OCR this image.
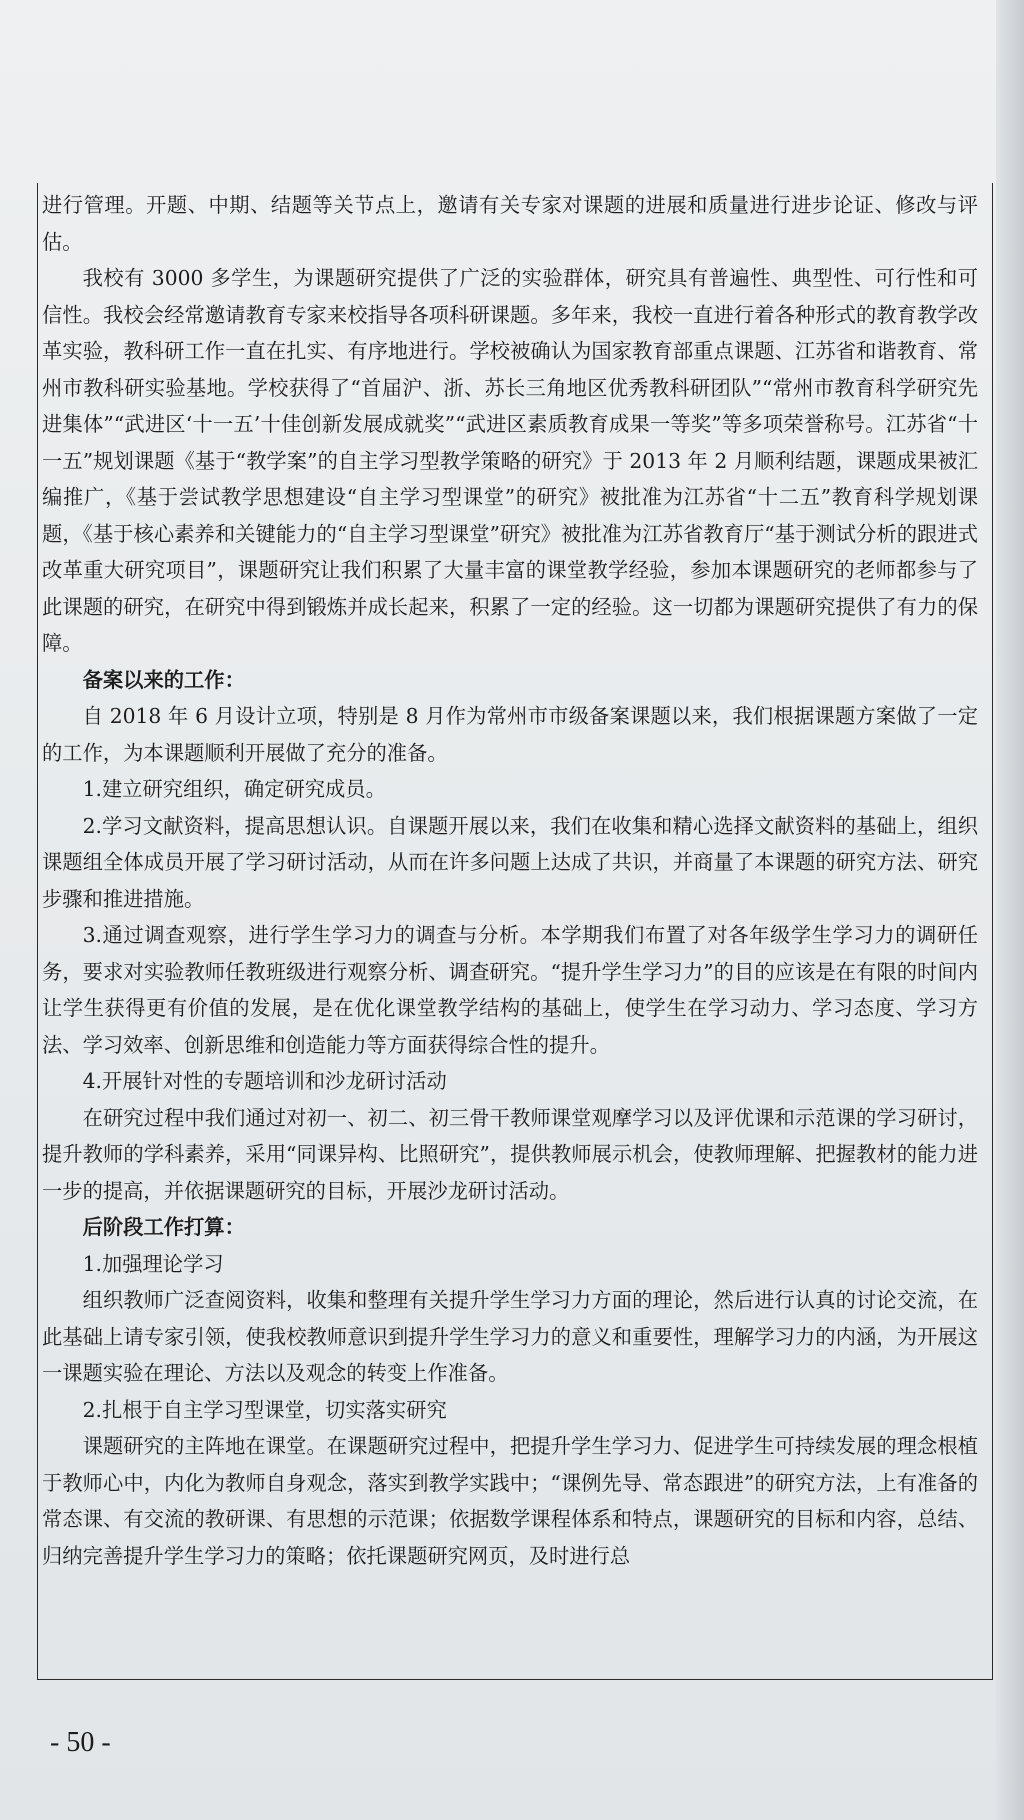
进行管理。开题、中期、结题等关节点上，邀请有关专家对课题的进展和质量进行进步论证、修改与评估。

我校有 3000 多学生，为课题研究提供了广泛的实验群体，研究具有普遍性、典型性、可行性和可信性。我校会经常邀请教育专家来校指导各项科研课题。多年来，我校一直进行着各种形式的教育教学改革实验，教科研工作一直在扎实、有序地进行。学校被确认为国家教育部重点课题、江苏省和谐教育、常州市教科研实验基地。学校获得了“首届沪、浙、苏长三角地区优秀教科研团队”“常州市教育科学研究先进集体”“武进区‘十一五’十佳创新发展成就奖”“武进区素质教育成果一等奖”等多项荣誉称号。江苏省“十一五”规划课题《基于“教学案”的自主学习型教学策略的研究》于 2013 年 2 月顺利结题，课题成果被汇编推广，《基于尝试教学思想建设“自主学习型课堂”的研究》被批准为江苏省“十二五”教育科学规划课题，《基于核心素养和关键能力的“自主学习型课堂”研究》被批准为江苏省教育厅“基于测试分析的跟进式改革重大研究项目”，课题研究让我们积累了大量丰富的课堂教学经验，参加本课题研究的老师都参与了此课题的研究，在研究中得到锻炼并成长起来，积累了一定的经验。这一切都为课题研究提供了有力的保障。

备案以来的工作：

自 2018 年 6 月设计立项，特别是 8 月作为常州市市级备案课题以来，我们根据课题方案做了一定的工作，为本课题顺利开展做了充分的准备。

1.建立研究组织，确定研究成员。

2.学习文献资料，提高思想认识。自课题开展以来，我们在收集和精心选择文献资料的基础上，组织课题组全体成员开展了学习研讨活动，从而在许多问题上达成了共识，并商量了本课题的研究方法、研究步骤和推进措施。

3.通过调查观察，进行学生学习力的调查与分析。本学期我们布置了对各年级学生学习力的调研任务，要求对实验教师任教班级进行观察分析、调查研究。“提升学生学习力”的目的应该是在有限的时间内让学生获得更有价值的发展，是在优化课堂教学结构的基础上，使学生在学习动力、学习态度、学习方法、学习效率、创新思维和创造能力等方面获得综合性的提升。

4.开展针对性的专题培训和沙龙研讨活动

在研究过程中我们通过对初一、初二、初三骨干教师课堂观摩学习以及评优课和示范课的学习研讨，提升教师的学科素养，采用“同课异构、比照研究”，提供教师展示机会，使教师理解、把握教材的能力进一步的提高，并依据课题研究的目标，开展沙龙研讨活动。

后阶段工作打算：

1.加强理论学习

组织教师广泛查阅资料，收集和整理有关提升学生学习力方面的理论，然后进行认真的讨论交流，在此基础上请专家引领，使我校教师意识到提升学生学习力的意义和重要性，理解学习力的内涵，为开展这一课题实验在理论、方法以及观念的转变上作准备。

2.扎根于自主学习型课堂，切实落实研究

课题研究的主阵地在课堂。在课题研究过程中，把提升学生学习力、促进学生可持续发展的理念根植于教师心中，内化为教师自身观念，落实到教学实践中；“课例先导、常态跟进”的研究方法，上有准备的常态课、有交流的教研课、有思想的示范课；依据数学课程体系和特点，课题研究的目标和内容，总结、归纳完善提升学生学习力的策略；依托课题研究网页，及时进行总

- 50 -
